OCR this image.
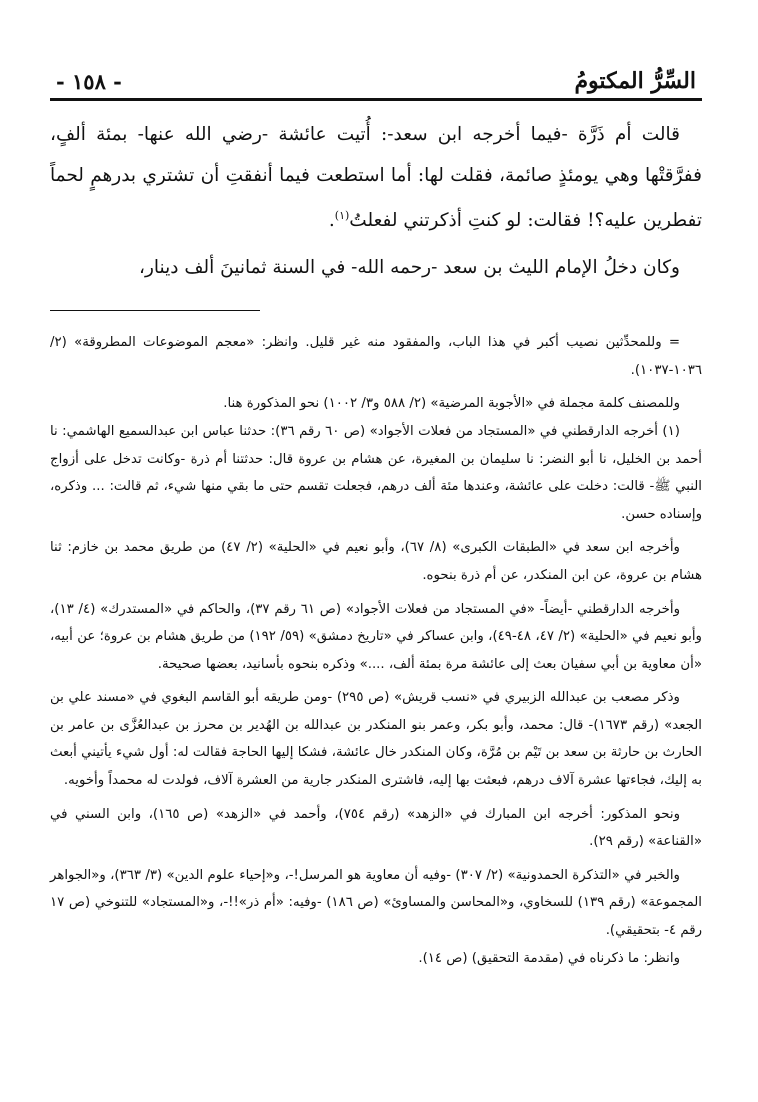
السِّرُّ المكتومُ
- ١٥٨ -

قالت أم ذَرَّة -فيما أخرجه ابن سعد-: أُتيت عائشة -رضي الله عنها- بمئة ألفٍ، ففرَّقتْها وهي يومئذٍ صائمة، فقلت لها: أما استطعت فيما أنفقتِ أن تشتري بدرهمٍ لحماً تفطرين عليه؟! فقالت: لو كنتِ أذكرتني لفعلتُ$^{(١)}$.

وكان دخلُ الإمام الليث بن سعد -رحمه الله- في السنة ثمانينَ ألف دينار،

= وللمحدِّثين نصيب أكبر في هذا الباب، والمفقود منه غير قليل. وانظر: «معجم الموضوعات المطروقة» (٢/ ١٠٣٦-١٠٣٧).

وللمصنف كلمة مجملة في «الأجوبة المرضية» (٢/ ٥٨٨ و٣/ ١٠٠٢) نحو المذكورة هنا.

(١) أخرجه الدارقطني في «المستجاد من فعلات الأجواد» (ص ٦٠ رقم ٣٦): حدثنا عباس ابن عبدالسميع الهاشمي: نا أحمد بن الخليل، نا أبو النضر: نا سليمان بن المغيرة، عن هشام بن عروة قال: حدثتنا أم ذرة -وكانت تدخل على أزواج النبي ﷺ- قالت: دخلت على عائشة، وعندها مئة ألف درهم، فجعلت تقسم حتى ما بقي منها شيء، ثم قالت: ... وذكره، وإسناده حسن.

وأخرجه ابن سعد في «الطبقات الكبرى» (٨/ ٦٧)، وأبو نعيم في «الحلية» (٢/ ٤٧) من طريق محمد بن خازم: ثنا هشام بن عروة، عن ابن المنكدر، عن أم ذرة بنحوه.

وأخرجه الدارقطني -أيضاً- «في المستجاد من فعلات الأجواد» (ص ٦١ رقم ٣٧)، والحاكم في «المستدرك» (٤/ ١٣)، وأبو نعيم في «الحلية» (٢/ ٤٧، ٤٨-٤٩)، وابن عساكر في «تاريخ دمشق» (٥٩/ ١٩٢) من طريق هشام بن عروة؛ عن أبيه، «أن معاوية بن أبي سفيان بعث إلى عائشة مرة بمئة ألف، ....» وذكره بنحوه بأسانيد، بعضها صحيحة.

وذكر مصعب بن عبدالله الزبيري في «نسب قريش» (ص ٢٩٥) -ومن طريقه أبو القاسم البغوي في «مسند علي بن الجعد» (رقم ١٦٧٣)- قال: محمد، وأبو بكر، وعمر بنو المنكدر بن عبدالله بن الهُدير بن محرز بن عبدالعُزَّى بن عامر بن الحارث بن حارثة بن سعد بن تَيْم بن مُرَّة، وكان المنكدر خال عائشة، فشكا إليها الحاجة فقالت له: أول شيء يأتيني أبعث به إليك، فجاءتها عشرة آلاف درهم، فبعثت بها إليه، فاشترى المنكدر جارية من العشرة آلاف، فولدت له محمداً وأخويه.

ونحو المذكور: أخرجه ابن المبارك في «الزهد» (رقم ٧٥٤)، وأحمد في «الزهد» (ص ١٦٥)، وابن السني في «القناعة» (رقم ٢٩).

والخبر في «التذكرة الحمدونية» (٢/ ٣٠٧) -وفيه أن معاوية هو المرسل!-، و«إحياء علوم الدين» (٣/ ٣٦٣)، و«الجواهر المجموعة» (رقم ١٣٩) للسخاوي، و«المحاسن والمساوئ» (ص ١٨٦) -وفيه: «أم ذر»!!-، و«المستجاد» للتنوخي (ص ١٧ رقم ٤- بتحقيقي).

وانظر: ما ذكرناه في (مقدمة التحقيق) (ص ١٤).
